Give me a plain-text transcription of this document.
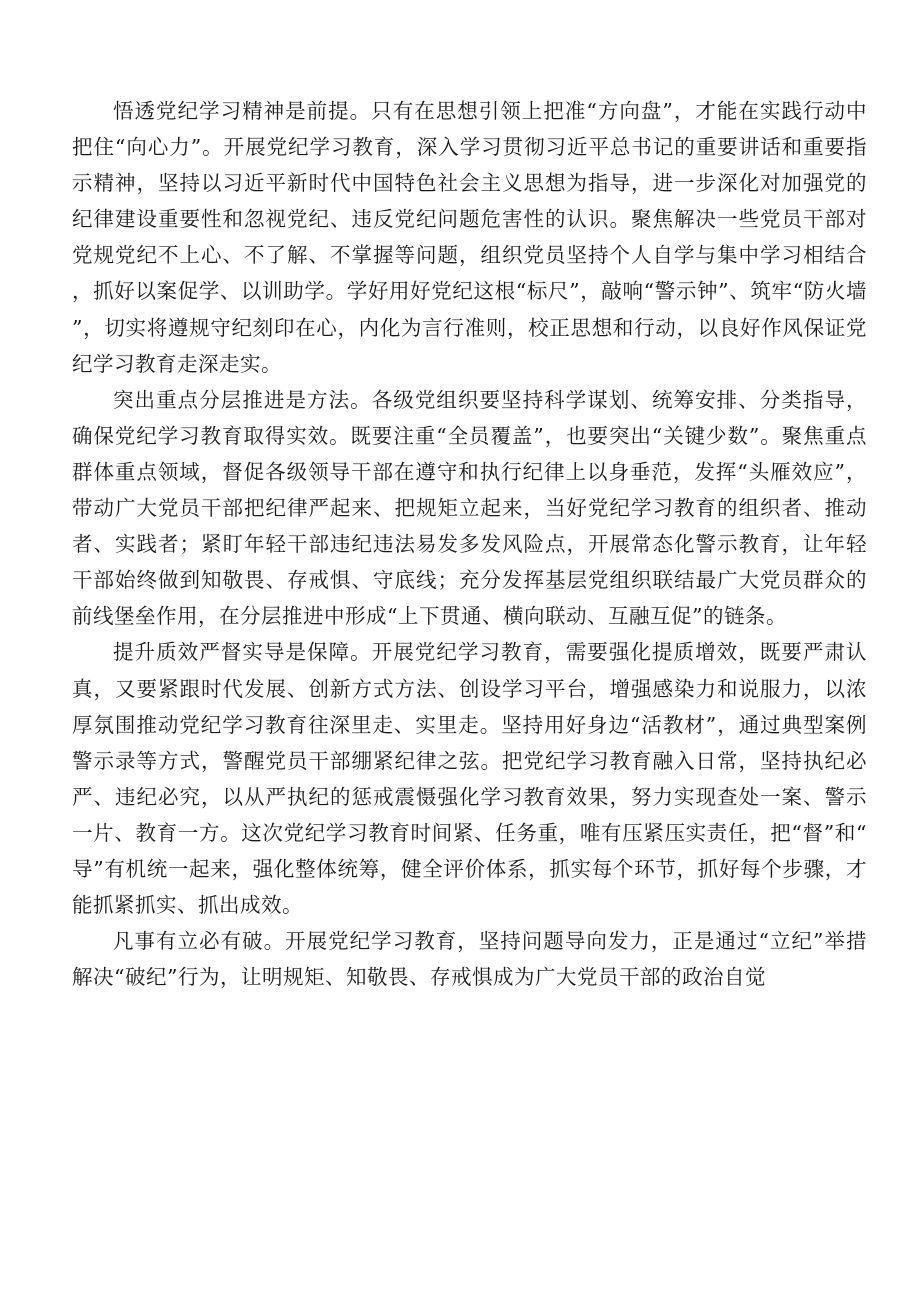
悟透党纪学习精神是前提。只有在思想引领上把准“方向盘”，才能在实践行动中把住“向心力”。开展党纪学习教育，深入学习贯彻习近平总书记的重要讲话和重要指示精神，坚持以习近平新时代中国特色社会主义思想为指导，进一步深化对加强党的纪律建设重要性和忽视党纪、违反党纪问题危害性的认识。聚焦解决一些党员干部对党规党纪不上心、不了解、不掌握等问题，组织党员坚持个人自学与集中学习相结合，抓好以案促学、以训助学。学好用好党纪这根“标尺”，敲响“警示钟”、筑牢“防火墙”，切实将遵规守纪刻印在心，内化为言行准则，校正思想和行动，以良好作风保证党纪学习教育走深走实。

突出重点分层推进是方法。各级党组织要坚持科学谋划、统筹安排、分类指导，确保党纪学习教育取得实效。既要注重“全员覆盖”，也要突出“关键少数”。聚焦重点群体重点领域，督促各级领导干部在遵守和执行纪律上以身垂范，发挥“头雁效应”，带动广大党员干部把纪律严起来、把规矩立起来，当好党纪学习教育的组织者、推动者、实践者；紧盯年轻干部违纪违法易发多发风险点，开展常态化警示教育，让年轻干部始终做到知敬畏、存戒惧、守底线；充分发挥基层党组织联结最广大党员群众的前线堡垒作用，在分层推进中形成“上下贯通、横向联动、互融互促”的链条。

提升质效严督实导是保障。开展党纪学习教育，需要强化提质增效，既要严肃认真，又要紧跟时代发展、创新方式方法、创设学习平台，增强感染力和说服力，以浓厚氛围推动党纪学习教育往深里走、实里走。坚持用好身边“活教材”，通过典型案例警示录等方式，警醒党员干部绷紧纪律之弦。把党纪学习教育融入日常，坚持执纪必严、违纪必究，以从严执纪的惩戒震慑强化学习教育效果，努力实现查处一案、警示一片、教育一方。这次党纪学习教育时间紧、任务重，唯有压紧压实责任，把“督”和“导”有机统一起来，强化整体统筹，健全评价体系，抓实每个环节，抓好每个步骤，才能抓紧抓实、抓出成效。

凡事有立必有破。开展党纪学习教育，坚持问题导向发力，正是通过“立纪”举措解决“破纪”行为，让明规矩、知敬畏、存戒惧成为广大党员干部的政治自觉
